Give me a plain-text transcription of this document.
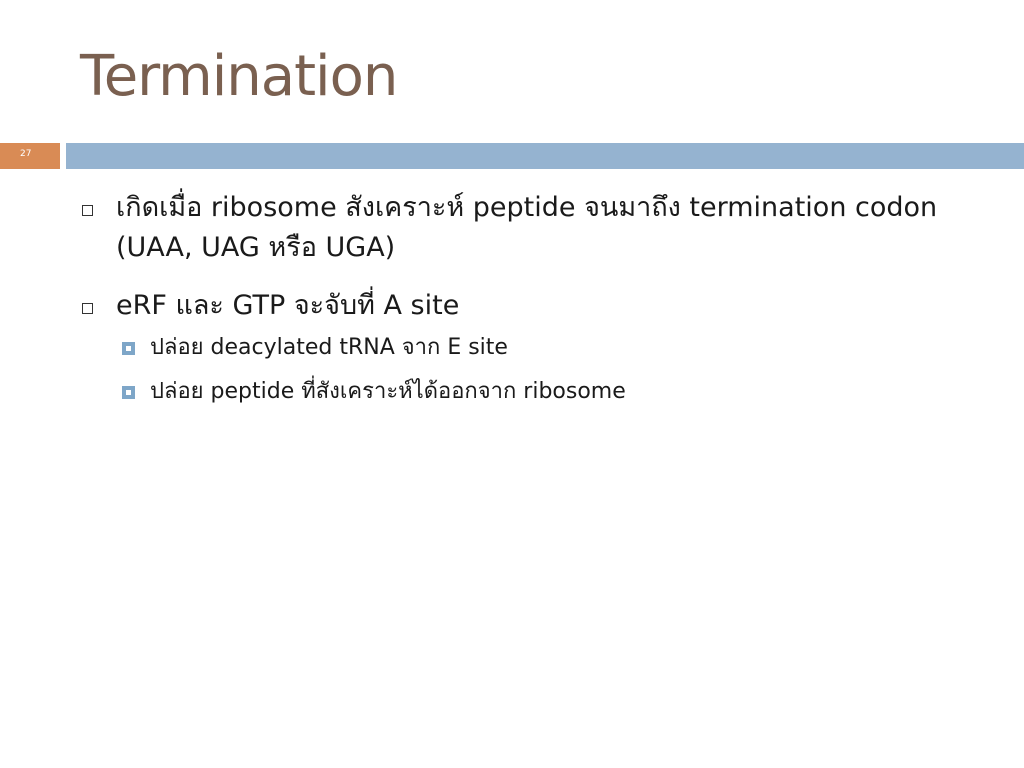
Termination
27
เกิดเมื่อ ribosome สังเคราะห์ peptide จนมาถึง termination codon (UAA, UAG หรือ UGA)
eRF และ GTP จะจับที่ A site
ปล่อย deacylated tRNA จาก E site
ปล่อย peptide ที่สังเคราะห์ได้ออกจาก ribosome
